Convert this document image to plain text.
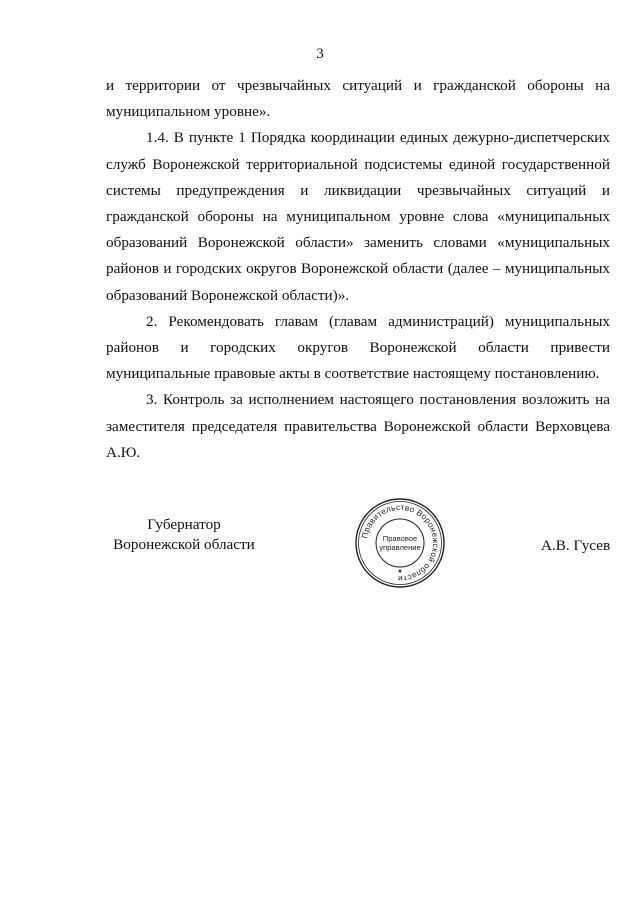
3

и территории от чрезвычайных ситуаций и гражданской обороны на муниципальном уровне».

1.4. В пункте 1 Порядка координации единых дежурно-диспетчерских служб Воронежской территориальной подсистемы единой государственной системы предупреждения и ликвидации чрезвычайных ситуаций и гражданской обороны на муниципальном уровне слова «муниципальных образований Воронежской области» заменить словами «муниципальных районов и городских округов Воронежской области (далее – муниципальных образований Воронежской области)».

2. Рекомендовать главам (главам администраций) муниципальных районов и городских округов Воронежской области привести муниципальные правовые акты в соответствие настоящему постановлению.

3. Контроль за исполнением настоящего постановления возложить на заместителя председателя правительства Воронежской области Верховцева А.Ю.

Губернатор
Воронежской области
Правительство Воронежской области
Правовое
управление
★
А.В. Гусев
